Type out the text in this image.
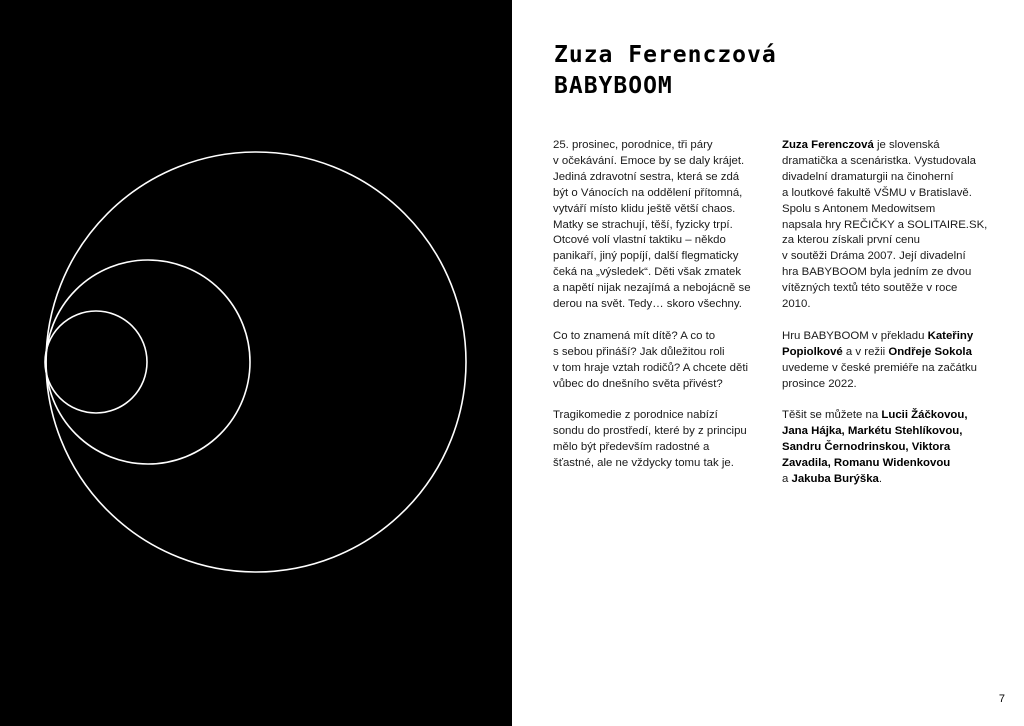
Zuza Ferenczová
BABYBOOM

25. prosinec, porodnice, tři páry
v očekávání. Emoce by se daly krájet.
Jediná zdravotní sestra, která se zdá
být o Vánocích na oddělení přítomná,
vytváří místo klidu ještě větší chaos.
Matky se strachují, těší, fyzicky trpí.
Otcové volí vlastní taktiku – někdo
panikaří, jiný popíjí, další flegmaticky
čeká na „výsledek“. Děti však zmatek
a napětí nijak nezajímá a nebojácně se
derou na svět. Tedy… skoro všechny.

Co to znamená mít dítě? A co to
s sebou přináší? Jak důležitou roli
v tom hraje vztah rodičů? A chcete děti
vůbec do dnešního světa přivést?

Tragikomedie z porodnice nabízí
sondu do prostředí, které by z principu
mělo být především radostné a
šťastné, ale ne vždycky tomu tak je.

Zuza Ferenczová je slovenská
dramatička a scenáristka. Vystudovala
divadelní dramaturgii na činoherní
a loutkové fakultě VŠMU v Bratislavě.
Spolu s Antonem Medowitsem
napsala hry REČIČKY a SOLITAIRE.SK,
za kterou získali první cenu
v soutěži Dráma 2007. Její divadelní
hra BABYBOOM byla jedním ze dvou
vítězných textů této soutěže v roce
2010.

Hru BABYBOOM v překladu Kateřiny
Popiolkové a v režii Ondřeje Sokola
uvedeme v české premiéře na začátku
prosince 2022.

Těšit se můžete na Lucii Žáčkovou,
Jana Hájka, Markétu Stehlíkovou,
Sandru Černodrinskou, Viktora
Zavadila, Romanu Widenkovou
a Jakuba Burýška.

7
